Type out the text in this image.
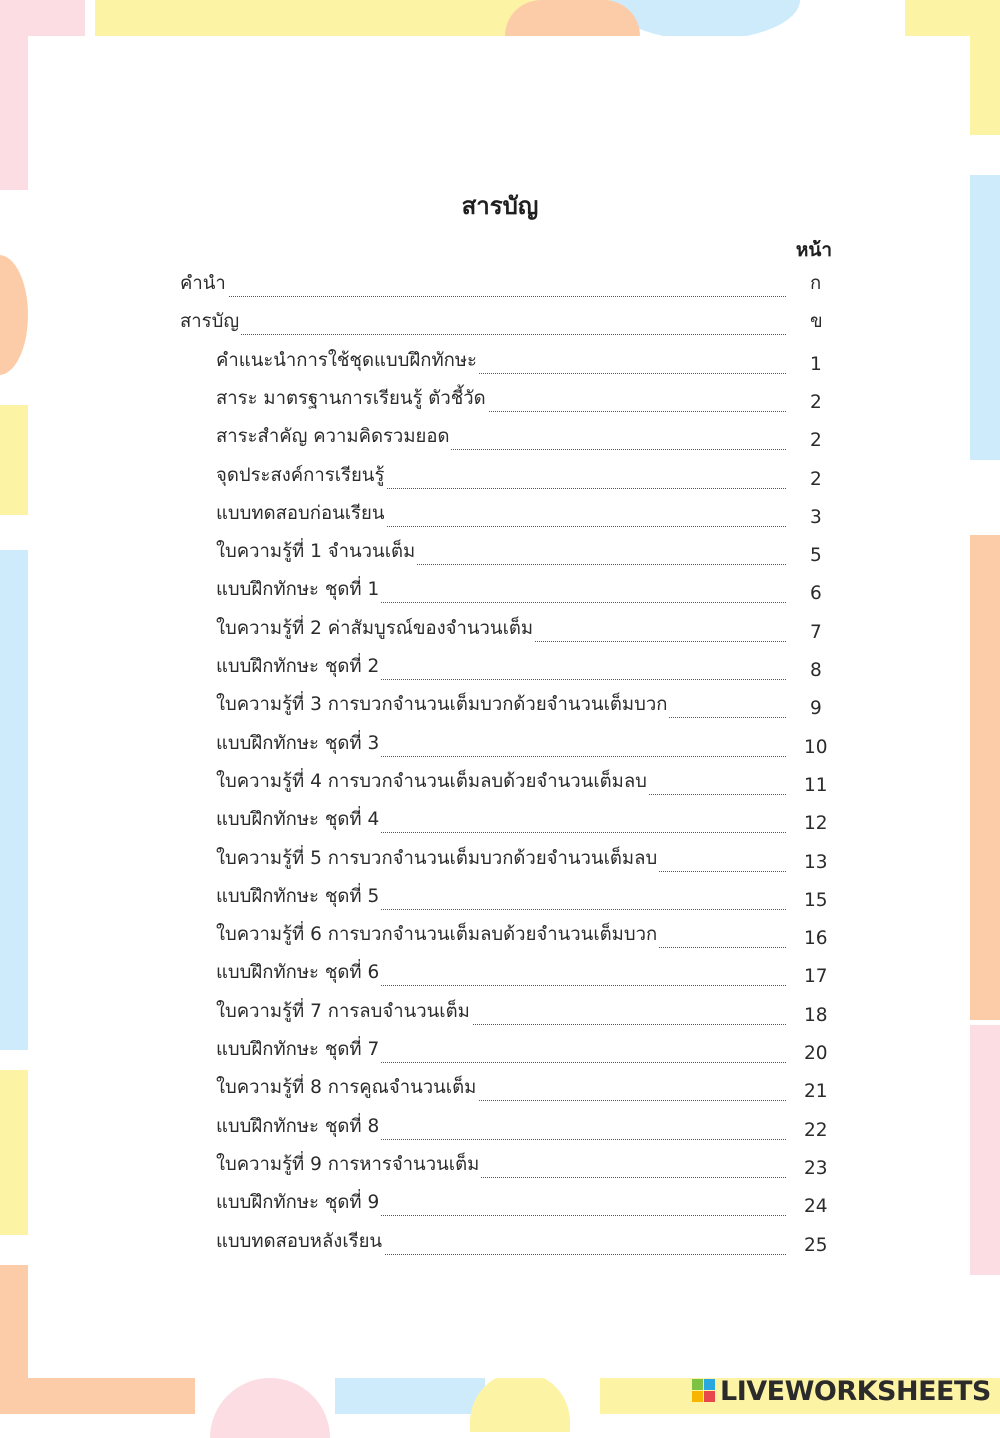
สารบัญ
หน้า
คำนำ	ก
สารบัญ	ข
คำแนะนำการใช้ชุดแบบฝึกทักษะ	1
สาระ มาตรฐานการเรียนรู้ ตัวชี้วัด	2
สาระสำคัญ ความคิดรวมยอด	2
จุดประสงค์การเรียนรู้	2
แบบทดสอบก่อนเรียน	3
ใบความรู้ที่ 1 จำนวนเต็ม	5
แบบฝึกทักษะ ชุดที่ 1	6
ใบความรู้ที่ 2 ค่าสัมบูรณ์ของจำนวนเต็ม	7
แบบฝึกทักษะ ชุดที่ 2	8
ใบความรู้ที่ 3 การบวกจำนวนเต็มบวกด้วยจำนวนเต็มบวก	9
แบบฝึกทักษะ ชุดที่ 3	10
ใบความรู้ที่ 4 การบวกจำนวนเต็มลบด้วยจำนวนเต็มลบ	11
แบบฝึกทักษะ ชุดที่ 4	12
ใบความรู้ที่ 5 การบวกจำนวนเต็มบวกด้วยจำนวนเต็มลบ	13
แบบฝึกทักษะ ชุดที่ 5	15
ใบความรู้ที่ 6 การบวกจำนวนเต็มลบด้วยจำนวนเต็มบวก	16
แบบฝึกทักษะ ชุดที่ 6	17
ใบความรู้ที่ 7 การลบจำนวนเต็ม	18
แบบฝึกทักษะ ชุดที่ 7	20
ใบความรู้ที่ 8 การคูณจำนวนเต็ม	21
แบบฝึกทักษะ ชุดที่ 8	22
ใบความรู้ที่ 9 การหารจำนวนเต็ม	23
แบบฝึกทักษะ ชุดที่ 9	24
แบบทดสอบหลังเรียน	25
LIVEWORKSHEETS
